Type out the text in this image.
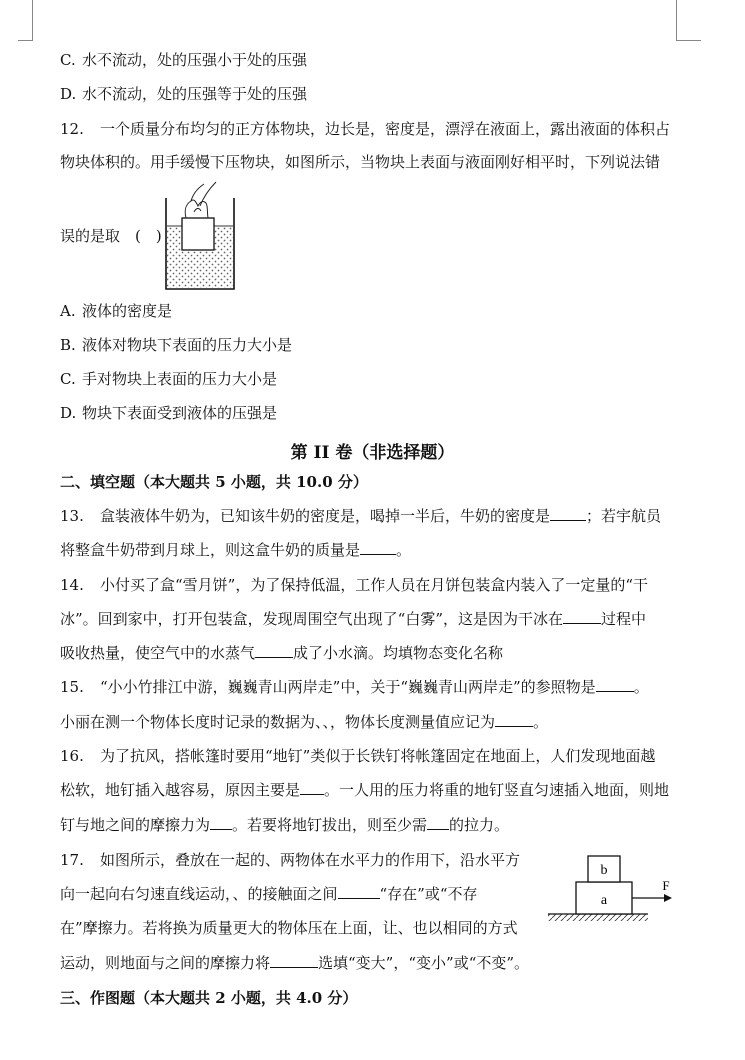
C. 水不流动，处的压强小于处的压强
D. 水不流动，处的压强等于处的压强
12. 一个质量分布均匀的正方体物块，边长是，密度是，漂浮在液面上，露出液面的体积占
物块体积的。用手缓慢下压物块，如图所示，当物块上表面与液面刚好相平时，下列说法错
误的是取　(　)
A. 液体的密度是
B. 液体对物块下表面的压力大小是
C. 手对物块上表面的压力大小是
D. 物块下表面受到液体的压强是
第 II 卷（非选择题）
二、填空题（本大题共 5 小题，共 10.0 分）
13. 盒装液体牛奶为，已知该牛奶的密度是，喝掉一半后，牛奶的密度是 ；若宇航员
将整盒牛奶带到月球上，则这盒牛奶的质量是 。
14. 小付买了盒“雪月饼”，为了保持低温，工作人员在月饼包装盒内装入了一定量的“干
冰”。回到家中，打开包装盒，发现周围空气出现了“白雾”，这是因为干冰在	过程中
吸收热量，使空气中的水蒸气	成了小水滴。均填物态变化名称
15. “小小竹排江中游，巍巍青山两岸走”中，关于“巍巍青山两岸走”的参照物是	。
小丽在测一个物体长度时记录的数据为、、，物体长度测量值应记为	。
16. 为了抗风，搭帐篷时要用“地钉”类似于长铁钉将帐篷固定在地面上，人们发现地面越
松软，地钉插入越容易，原因主要是 。一人用的压力将重的地钉竖直匀速插入地面，则地
钉与地之间的摩擦力为 。若要将地钉拔出，则至少需 的拉力。
17. 如图所示，叠放在一起的、两物体在水平力的作用下，沿水平方
向一起向右匀速直线运动，、的接触面之间	“存在”或“不存
在”摩擦力。若将换为质量更大的物体压在上面，让、也以相同的方式
运动，则地面与之间的摩擦力将	选填“变大”，“变小”或“不变”。
b
a
F
三、作图题（本大题共 2 小题，共 4.0 分）
